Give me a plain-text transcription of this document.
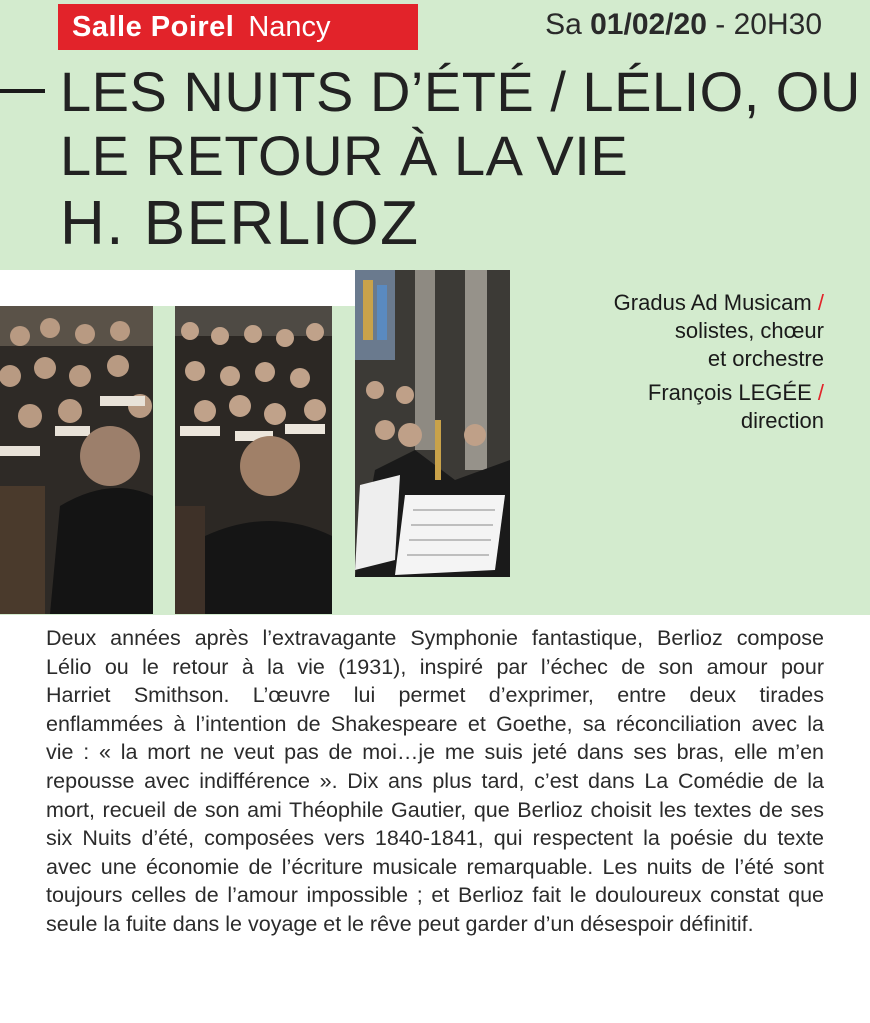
Salle Poirel Nancy	Sa 01/02/20 - 20H30
LES NUITS D’ÉTÉ / LÉLIO, OU
LE RETOUR À LA VIE
H. BERLIOZ
Gradus Ad Musicam /
solistes, chœur
et orchestre
François LEGÉE /
direction

Deux années après l’extravagante Symphonie fantastique, Berlioz compose
Lélio ou le retour à la vie (1931), inspiré par l’échec de son amour pour
Harriet Smithson. L’œuvre lui permet d’exprimer, entre deux tirades
enflammées à l’intention de Shakespeare et Goethe, sa réconciliation avec la
vie : « la mort ne veut pas de moi…je me suis jeté dans ses bras, elle m’en
repousse avec indifférence ». Dix ans plus tard, c’est dans La Comédie de la
mort, recueil de son ami Théophile Gautier, que Berlioz choisit les textes de ses
six Nuits d’été, composées vers 1840-1841, qui respectent la poésie du texte
avec une économie de l’écriture musicale remarquable. Les nuits de l’été sont
toujours celles de l’amour impossible ; et Berlioz fait le douloureux constat que
seule la fuite dans le voyage et le rêve peut garder d’un désespoir définitif.
